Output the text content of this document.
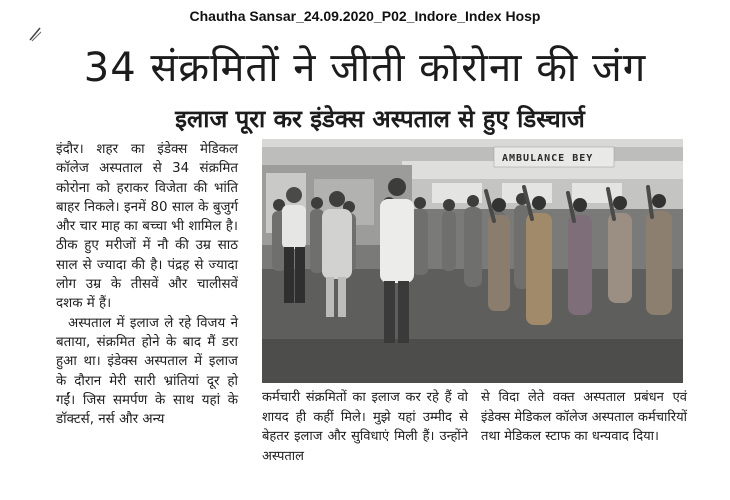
Chautha Sansar_24.09.2020_P02_Indore_Index Hosp
34 संक्रमितों ने जीती कोरोना की जंग
इलाज पूरा कर इंडेक्स अस्पताल से हुए डिस्चार्ज

इंदौर। शहर का इंडेक्स मेडिकल कॉलेज अस्पताल से 34 संक्रमित कोरोना को हराकर विजेता की भांति बाहर निकले। इनमें 80 साल के बुजुर्ग और चार माह का बच्चा भी शामिल है। ठीक हुए मरीजों में नौ की उम्र साठ साल से ज्यादा की है। पंद्रह से ज्यादा लोग उम्र के तीसवें और चालीसवें दशक में हैं।

अस्पताल में इलाज ले रहे विजय ने बताया, संक्रमित होने के बाद मैं डरा हुआ था। इंडेक्स अस्पताल में इलाज के दौरान मेरी सारी भ्रांतियां दूर हो गईं। जिस समर्पण के साथ यहां के डॉक्टर्स, नर्स और अन्य

AMBULANCE BEY
कर्मचारी संक्रमितों का इलाज कर रहे हैं वो शायद ही कहीं मिले। मुझे यहां उम्मीद से बेहतर इलाज और सुविधाएं मिली हैं। उन्होंने अस्पताल
से विदा लेते वक्त अस्पताल प्रबंधन एवं इंडेक्स मेडिकल कॉलेज अस्पताल कर्मचारियों तथा मेडिकल स्टाफ का धन्यवाद दिया।
